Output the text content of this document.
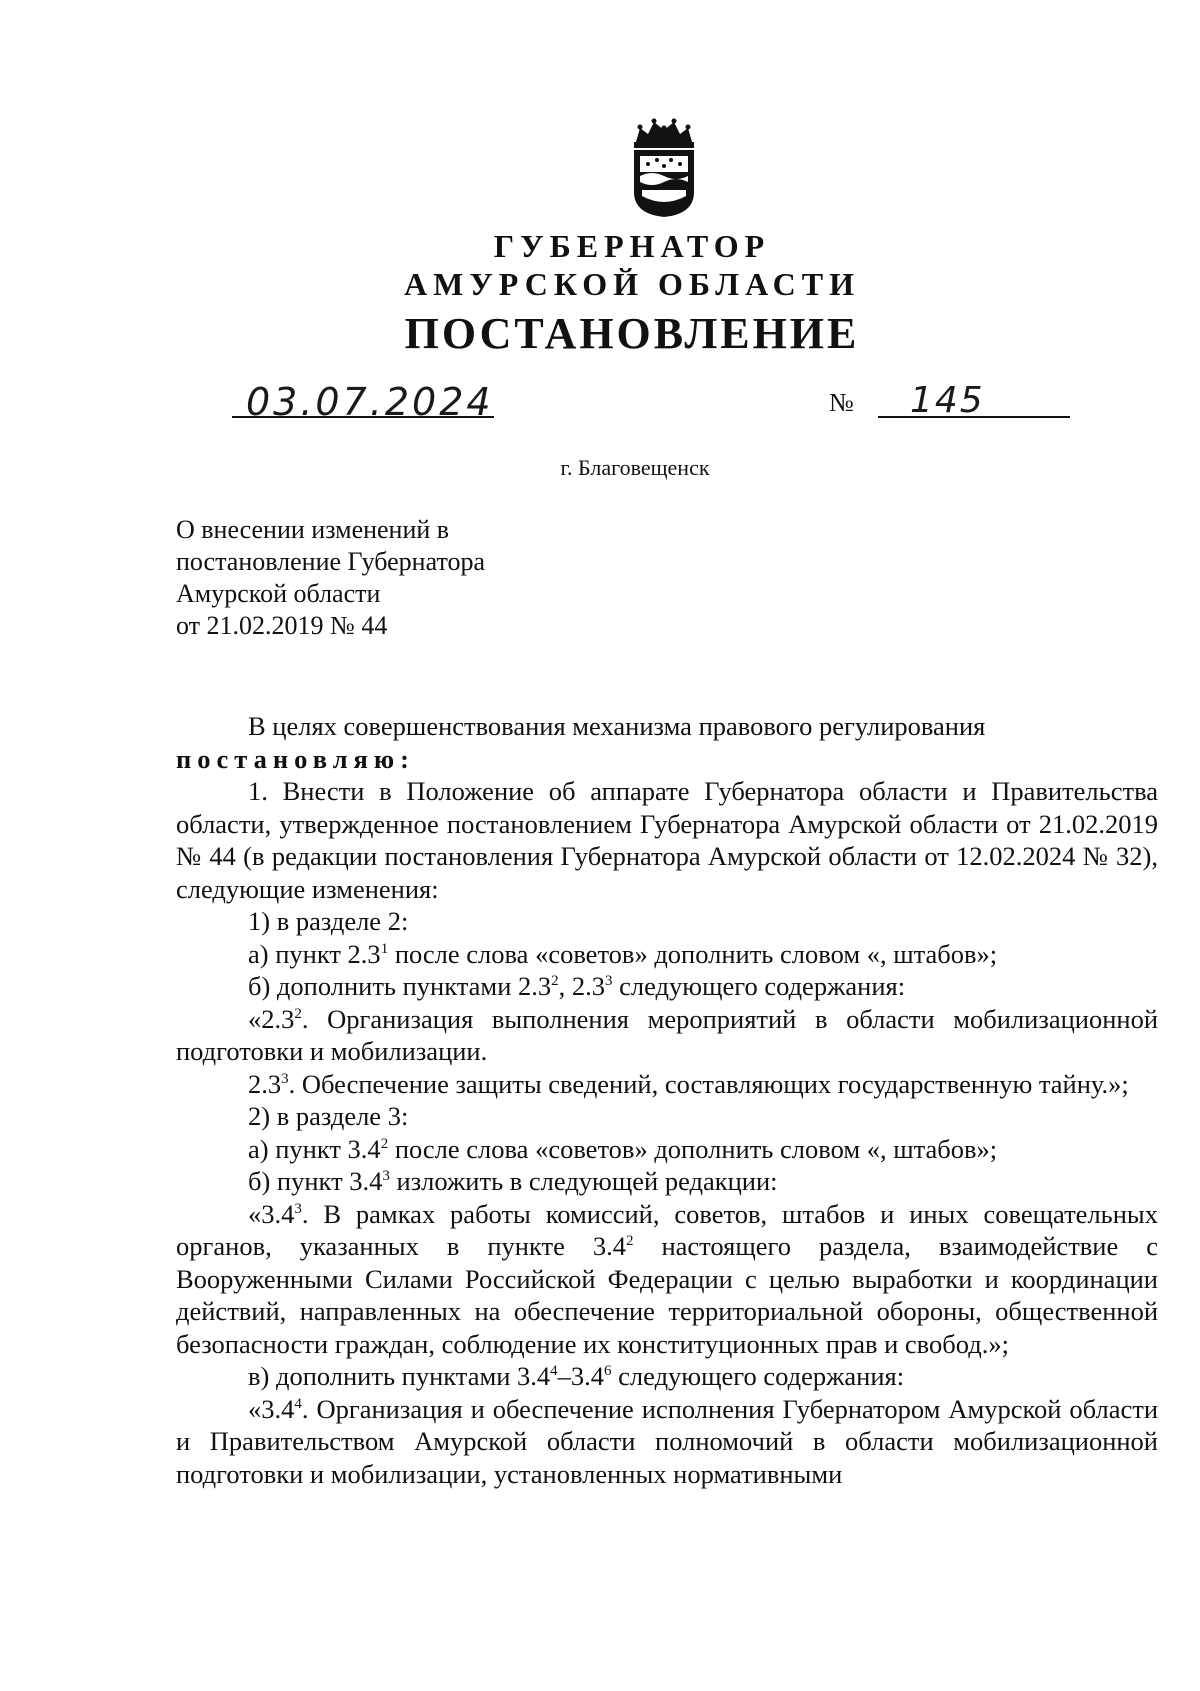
ГУБЕРНАТОР
АМУРСКОЙ ОБЛАСТИ
ПОСТАНОВЛЕНИЕ
03.07.2024	№ 145
г. Благовещенск
О внесении изменений в
постановление Губернатора
Амурской области
от 21.02.2019 № 44

В целях совершенствования механизма правового регулирования

постановляю:

1. Внести в Положение об аппарате Губернатора области и Правительства области, утвержденное постановлением Губернатора Амурской области от 21.02.2019 № 44 (в редакции постановления Губернатора Амурской области от 12.02.2024 № 32), следующие изменения:

1) в разделе 2:

а) пункт $2.3^1$ после слова «советов» дополнить словом «, штабов»;

б) дополнить пунктами $2.3^2$, $2.3^3$ следующего содержания:

«$2.3^2$. Организация выполнения мероприятий в области мобилизационной подготовки и мобилизации.

$2.3^3$. Обеспечение защиты сведений, составляющих государственную тайну.»;

2) в разделе 3:

а) пункт $3.4^2$ после слова «советов» дополнить словом «, штабов»;

б) пункт $3.4^3$ изложить в следующей редакции:

«$3.4^3$. В рамках работы комиссий, советов, штабов и иных совещательных органов, указанных в пункте $3.4^2$ настоящего раздела, взаимодействие с Вооруженными Силами Российской Федерации с целью выработки и координации действий, направленных на обеспечение территориальной обороны, общественной безопасности граждан, соблюдение их конституционных прав и свобод.»;

в) дополнить пунктами $3.4^4-3.4^6$ следующего содержания:

«$3.4^4$. Организация и обеспечение исполнения Губернатором Амурской области и Правительством Амурской области полномочий в области мобилизационной подготовки и мобилизации, установленных нормативными
